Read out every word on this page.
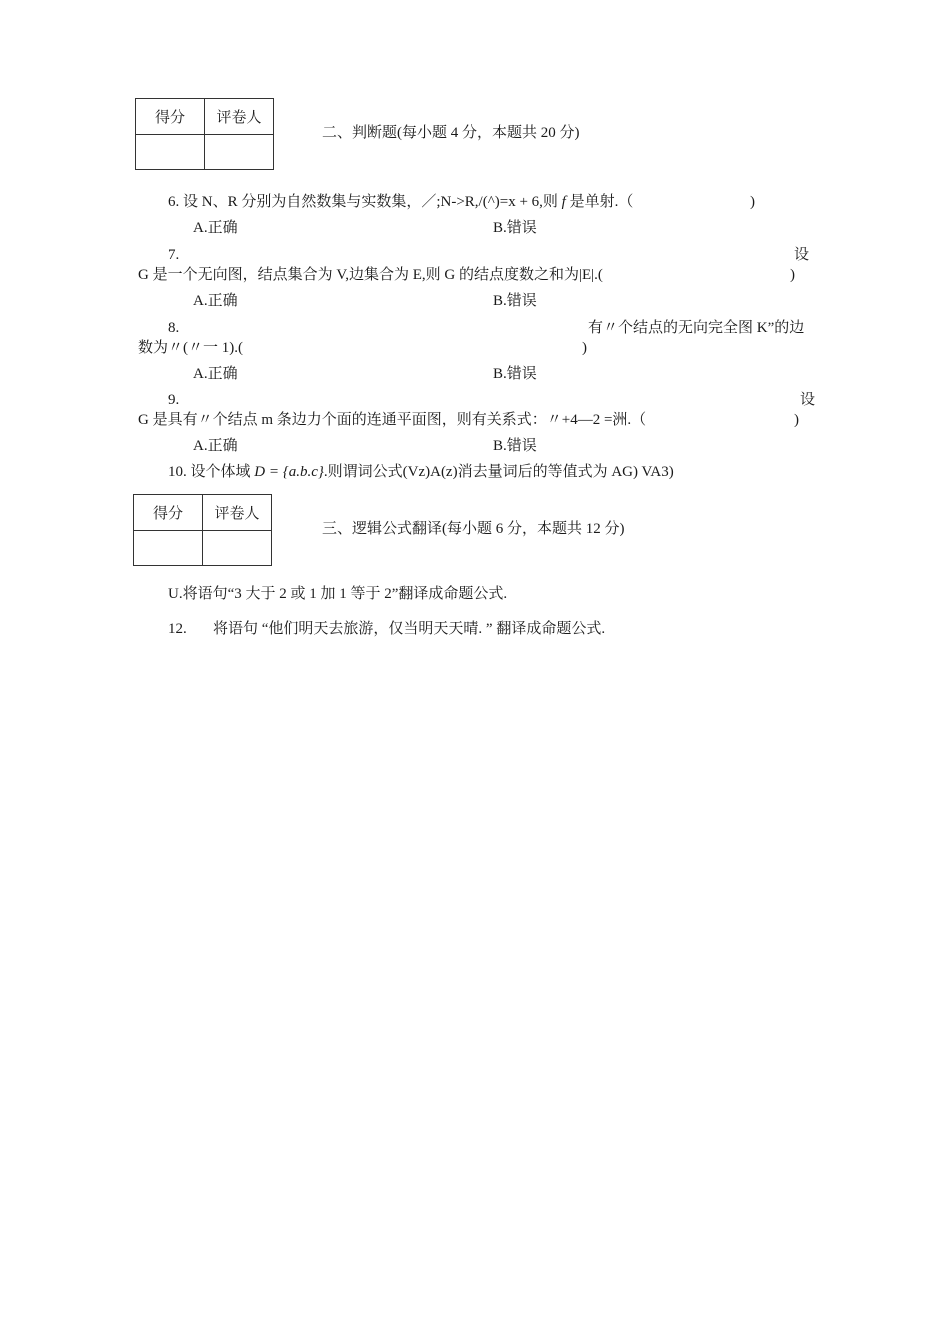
得分	评卷人

二、判断题(每小题 4 分，本题共 20 分)
6. 设 N、R 分别为自然数集与实数集，／;N->R,/(^)=x + 6,则 f 是单射.（	)
A.正确	B.错误
7.	设
G 是一个无向图，结点集合为 V,边集合为 E,则 G 的结点度数之和为|E|.(	)
A.正确	B.错误
8.	有〃个结点的无向完全图 K”的边
数为〃(〃一 1).(	)
A.正确	B.错误
9.	设
G 是具有〃个结点 m 条边力个面的连通平面图，则有关系式：〃+4—2 =洲.（	)
A.正确	B.错误
10. 设个体域 D = {a.b.c}.则谓词公式(Vz)A(z)消去量词后的等值式为 AG) VA3)
得分	评卷人

三、逻辑公式翻译(每小题 6 分，本题共 12 分)
U.将语句“3 大于 2 或 1 加 1 等于 2”翻译成命题公式.
12. 将语句 “他们明天去旅游，仅当明天天晴. ” 翻译成命题公式.
